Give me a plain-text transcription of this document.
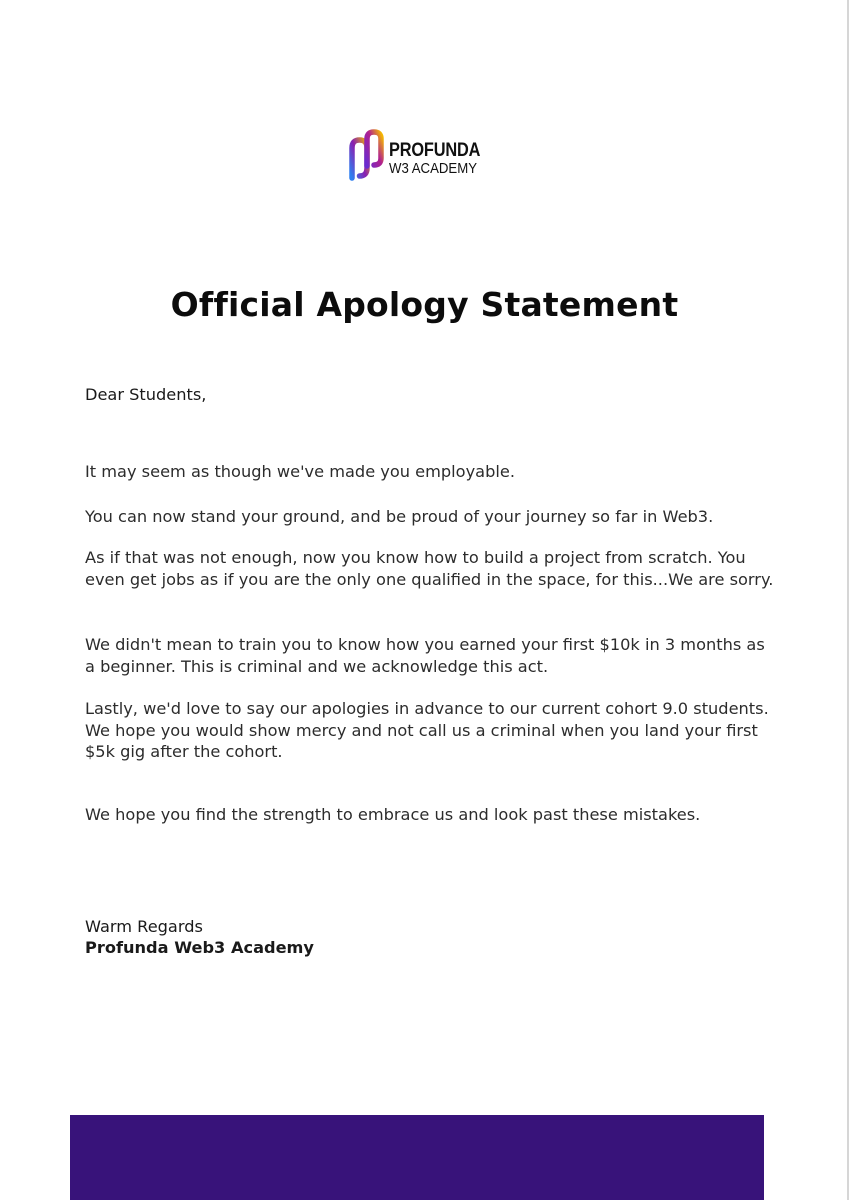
PROFUNDA
W3 ACADEMY
Official Apology Statement

Dear Students,

It may seem as though we've made you employable.

You can now stand your ground, and be proud of your journey so far in Web3.

As if that was not enough, now you know how to build a project from scratch. You even get jobs as if you are the only one qualified in the space, for this...We are sorry.

We didn't mean to train you to know how you earned your first $10k in 3 months as a beginner. This is criminal and we acknowledge this act.

Lastly, we'd love to say our apologies in advance to our current cohort 9.0 students. We hope you would show mercy and not call us a criminal when you land your first $5k gig after the cohort.

We hope you find the strength to embrace us and look past these mistakes.

Warm Regards

Profunda Web3 Academy
